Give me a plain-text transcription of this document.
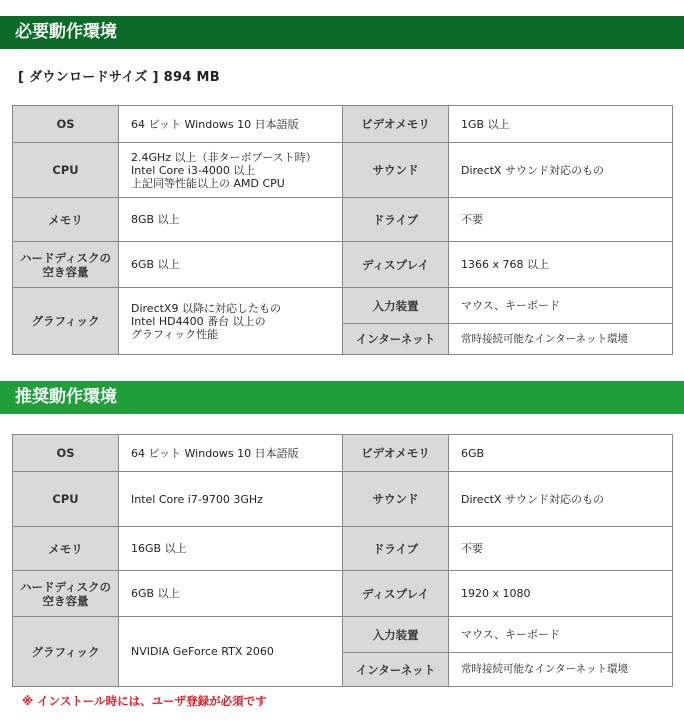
必要動作環境
[ ダウンロードサイズ ] 894 MB
OS	64 ビット Windows 10 日本語版	ビデオメモリ	1GB 以上
CPU	2.4GHz 以上（非ターボブースト時）
Intel Core i3-4000 以上
上記同等性能以上の AMD CPU	サウンド	DirectX サウンド対応のもの
メモリ	8GB 以上	ドライブ	不要

ハードディスクの
空き容量	6GB 以上	ディスプレイ	1366 x 768 以上
グラフィック	DirectX9 以降に対応したもの
Intel HD4400 番台 以上の
グラフィック性能	入力装置	マウス、キーボード
		インターネット	常時接続可能なインターネット環境
推奨動作環境
OS	64 ビット Windows 10 日本語版	ビデオメモリ	6GB
CPU	Intel Core i7-9700 3GHz	サウンド	DirectX サウンド対応のもの
メモリ	16GB 以上	ドライブ	不要

ハードディスクの
空き容量	6GB 以上	ディスプレイ	1920 x 1080
グラフィック	NVIDIA GeForce RTX 2060	入力装置	マウス、キーボード
		インターネット	常時接続可能なインターネット環境
※ インストール時には、ユーザ登録が必須です
